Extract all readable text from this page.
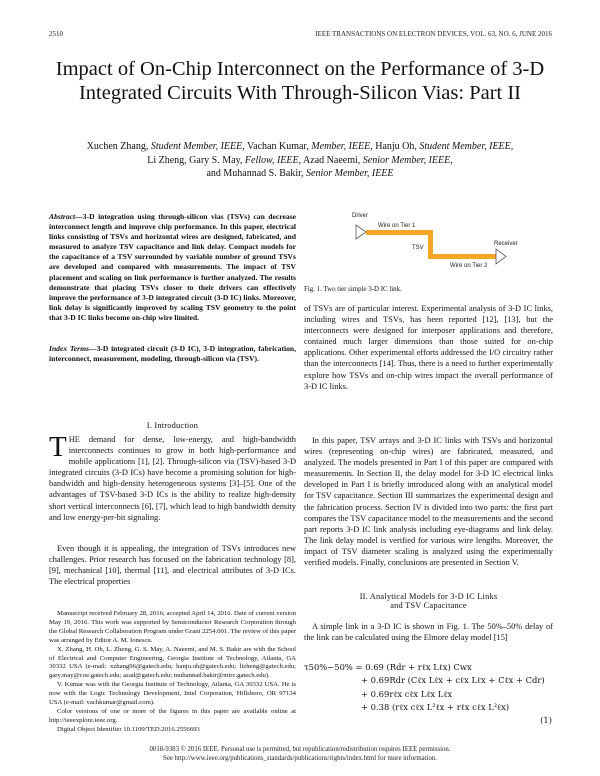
2510	IEEE TRANSACTIONS ON ELECTRON DEVICES, VOL. 63, NO. 6, JUNE 2016
Impact of On-Chip Interconnect on the Performance of 3-D Integrated Circuits With Through-Silicon Vias: Part II
Xuchen Zhang, Student Member, IEEE, Vachan Kumar, Member, IEEE, Hanju Oh, Student Member, IEEE,
Li Zheng, Gary S. May, Fellow, IEEE, Azad Naeemi, Senior Member, IEEE,
and Muhannad S. Bakir, Senior Member, IEEE
Abstract—3-D integration using through-silicon vias (TSVs) can decrease interconnect length and improve chip performance. In this paper, electrical links consisting of TSVs and horizontal wires are designed, fabricated, and measured to analyze TSV capacitance and link delay. Compact models for the capacitance of a TSV surrounded by variable number of ground TSVs are developed and compared with measurements. The impact of TSV placement and scaling on link performance is further analyzed. The results demonstrate that placing TSVs closer to their drivers can effectively improve the performance of 3-D integrated circuit (3-D IC) links. Moreover, link delay is significantly improved by scaling TSV geometry to the point that 3-D IC links become on-chip wire limited.
Index Terms—3-D integrated circuit (3-D IC), 3-D integration, fabrication, interconnect, measurement, modeling, through-silicon via (TSV).
I. Introduction
THE demand for dense, low-energy, and high-bandwidth interconnects continues to grow in both high-performance and mobile applications [1], [2]. Through-silicon via (TSV)-based 3-D integrated circuits (3-D ICs) have become a promising solution for high-bandwidth and high-density heterogeneous systems [3]–[5]. One of the advantages of TSV-based 3-D ICs is the ability to realize high-density short vertical interconnects [6], [7], which lead to high bandwidth density and low energy-per-bit signaling.

Even though it is appealing, the integration of TSVs introduces new challenges. Prior research has focused on the fabrication technology [8], [9], mechanical [10], thermal [11], and electrical attributes of 3-D ICs. The electrical properties

Manuscript received February 28, 2016; accepted April 14, 2016. Date of current version May 19, 2016. This work was supported by Semiconductor Research Corporation through the Global Research Collaboration Program under Grant 2254.001. The review of this paper was arranged by Editor A. M. Ionescu.

X. Zhang, H. Oh, L. Zheng, G. S. May, A. Naeemi, and M. S. Bakir are with the School of Electrical and Computer Engineering, Georgia Institute of Technology, Atlanta, GA 30332 USA (e-mail: xzhang96@gatech.edu; hanju.oh@gatech.edu; lizheng@gatech.edu; gary.may@coe.gatech.edu; azad@gatech.edu; muhannad.bakir@mirc.gatech.edu).

V. Kumar was with the Georgia Institute of Technology, Atlanta, GA 30332 USA. He is now with the Logic Technology Development, Intel Corporation, Hillsboro, OR 97134 USA (e-mail: vachkumar@gmail.com).

Color versions of one or more of the figures in this paper are available online at http://ieeexplore.ieee.org.

Digital Object Identifier 10.1109/TED.2016.2556693

Driver
Wire on Tier 1
TSV
Wire on Tier 2
Receiver
Fig. 1. Two tier simple 3-D IC link.

of TSVs are of particular interest. Experimental analysis of 3-D IC links, including wires and TSVs, has been reported [12], [13], but the interconnects were designed for interposer applications and therefore, contained much larger dimensions than those suited for on-chip applications. Other experimental efforts addressed the I/O circuitry rather than the interconnects [14]. Thus, there is a need to further experimentally explore how TSVs and on-chip wires impact the overall performance of 3-D IC links.

In this paper, TSV arrays and 3-D IC links with TSVs and horizontal wires (representing on-chip wires) are fabricated, measured, and analyzed. The models presented in Part I of this paper are compared with measurements. In Section II, the delay model for 3-D IC electrical links developed in Part I is briefly introduced along with an analytical model for TSV capacitance. Section III summarizes the experimental design and the fabrication process. Section IV is divided into two parts: the first part compares the TSV capacitance model to the measurements and the second part reports 3-D IC link analysis including eye-diagrams and link delay. The link delay model is verified for various wire lengths. Moreover, the impact of TSV diameter scaling is analyzed using the experimentally verified models. Finally, conclusions are presented in Section V.

II. Analytical Models for 3-D IC Links
and TSV Capacitance

A simple link in a 3-D IC is shown in Fig. 1. The 50%–50% delay of the link can be calculated using the Elmore delay model [15]

τ50%−50% = 0.69 (Rdr + rℓx Lℓx) Cwx
+ 0.69Rdr (Cℓx Lℓx + cℓx Lℓx + Cℓx + Cdr)
+ 0.69rℓx cℓx Lℓx Lℓx
+ 0.38 (rℓx cℓx L²ℓx + rℓx cℓx L²ℓx)
(1)
0018-9383 © 2016 IEEE. Personal use is permitted, but republication/redistribution requires IEEE permission.
See http://www.ieee.org/publications_standards/publications/rights/index.html for more information.
